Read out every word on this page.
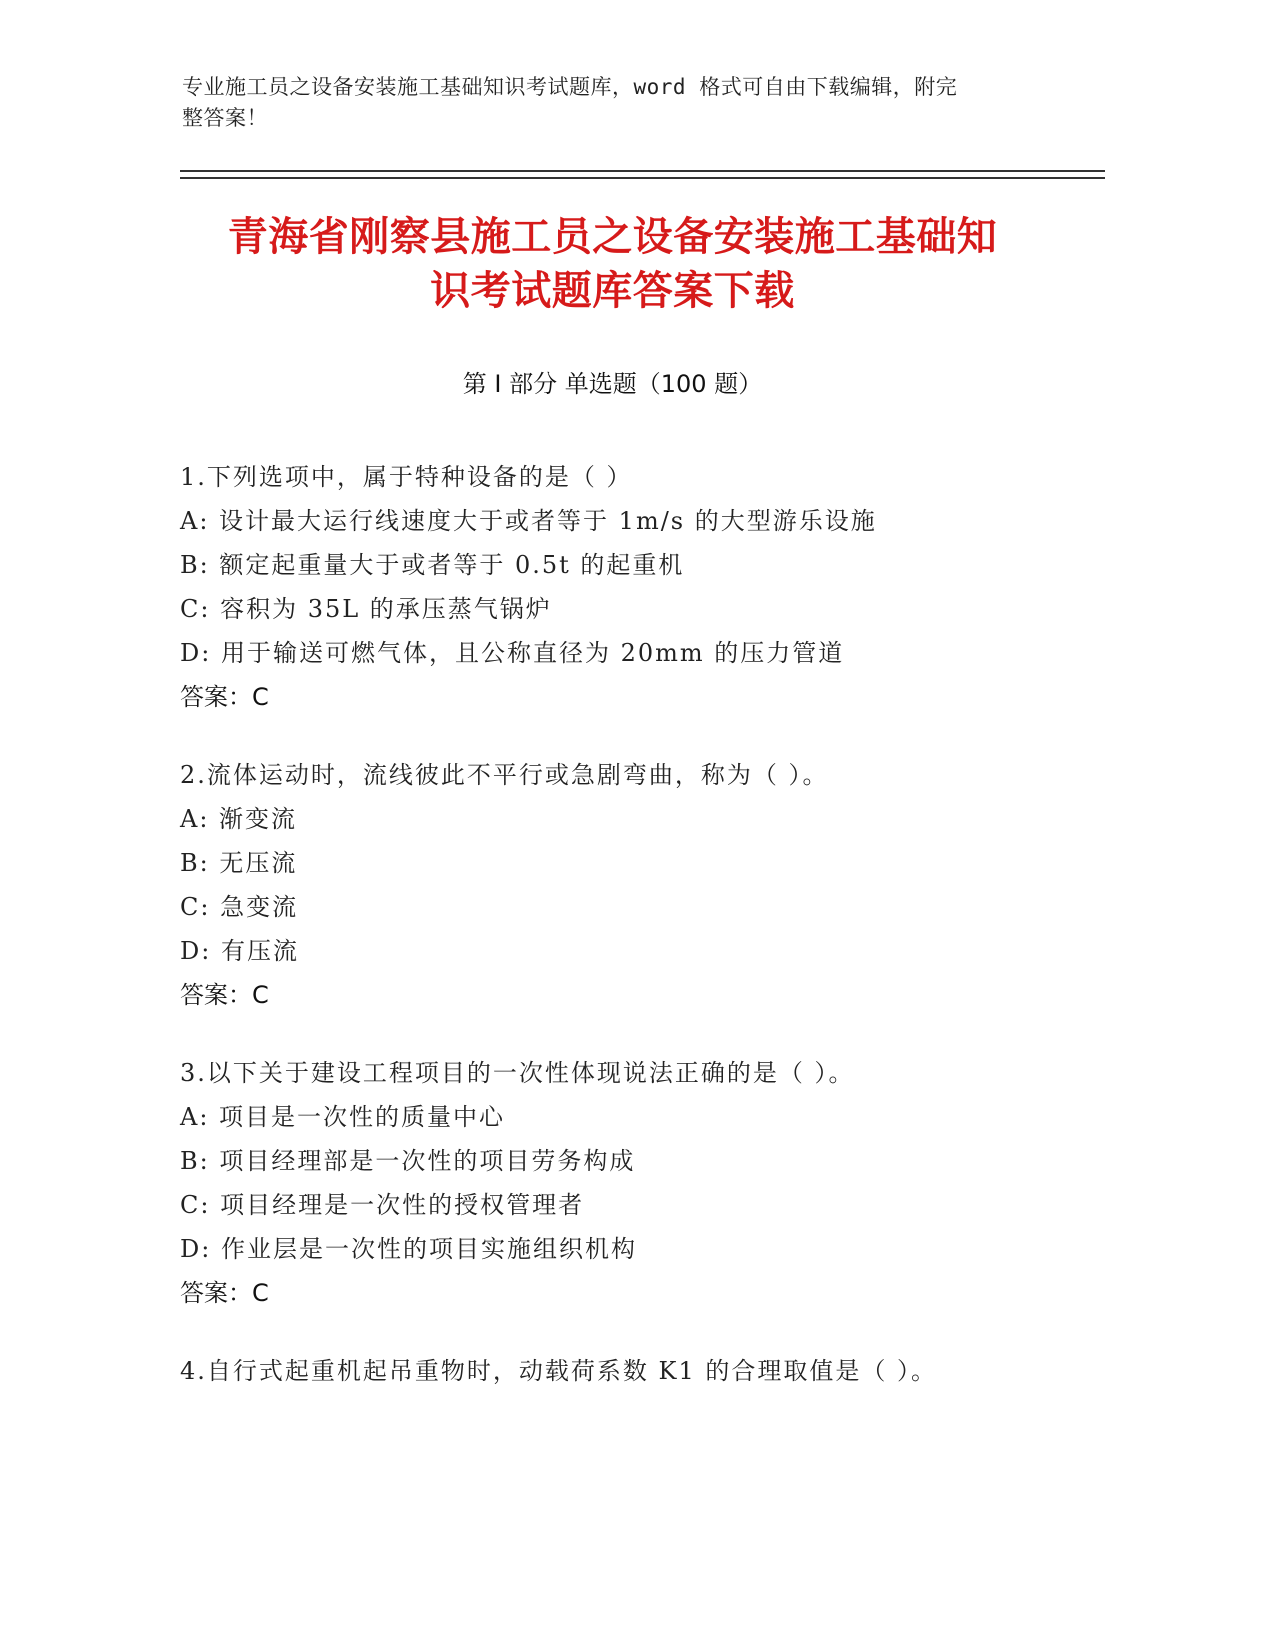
专业施工员之设备安装施工基础知识考试题库，word 格式可自由下载编辑，附完
整答案！
青海省刚察县施工员之设备安装施工基础知
识考试题库答案下载
第 I 部分 单选题（100 题）
1.下列选项中，属于特种设备的是（ ）
A: 设计最大运行线速度大于或者等于 1m/s 的大型游乐设施
B: 额定起重量大于或者等于 0.5t 的起重机
C: 容积为 35L 的承压蒸气锅炉
D: 用于输送可燃气体，且公称直径为 20mm 的压力管道
答案：C
2.流体运动时，流线彼此不平行或急剧弯曲，称为（ ）。
A: 渐变流
B: 无压流
C: 急变流
D: 有压流
答案：C
3.以下关于建设工程项目的一次性体现说法正确的是（ ）。
A: 项目是一次性的质量中心
B: 项目经理部是一次性的项目劳务构成
C: 项目经理是一次性的授权管理者
D: 作业层是一次性的项目实施组织机构
答案：C
4.自行式起重机起吊重物时，动载荷系数 K1 的合理取值是（ ）。
